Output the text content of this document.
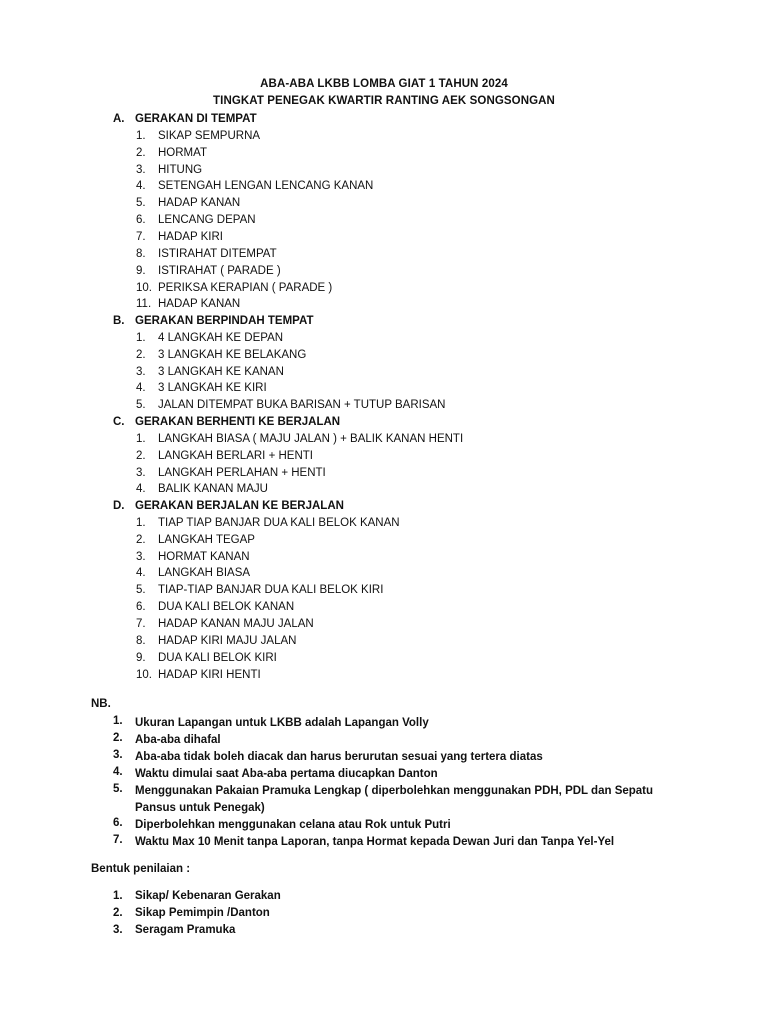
ABA-ABA LKBB LOMBA GIAT 1 TAHUN 2024
TINGKAT PENEGAK KWARTIR RANTING AEK SONGSONGAN
A. GERAKAN DI TEMPAT
1. SIKAP SEMPURNA
2. HORMAT
3. HITUNG
4. SETENGAH LENGAN LENCANG KANAN
5. HADAP KANAN
6. LENCANG DEPAN
7. HADAP KIRI
8. ISTIRAHAT DITEMPAT
9. ISTIRAHAT ( PARADE )
10. PERIKSA KERAPIAN ( PARADE )
11. HADAP KANAN
B. GERAKAN BERPINDAH TEMPAT
1. 4 LANGKAH KE DEPAN
2. 3 LANGKAH KE BELAKANG
3. 3 LANGKAH KE KANAN
4. 3 LANGKAH KE KIRI
5. JALAN DITEMPAT BUKA BARISAN + TUTUP BARISAN
C. GERAKAN BERHENTI KE BERJALAN
1. LANGKAH BIASA ( MAJU JALAN ) + BALIK KANAN HENTI
2. LANGKAH BERLARI + HENTI
3. LANGKAH PERLAHAN + HENTI
4. BALIK KANAN MAJU
D. GERAKAN BERJALAN KE BERJALAN
1. TIAP TIAP BANJAR DUA KALI BELOK KANAN
2. LANGKAH TEGAP
3. HORMAT KANAN
4. LANGKAH BIASA
5. TIAP-TIAP BANJAR DUA KALI BELOK KIRI
6. DUA KALI BELOK KANAN
7. HADAP KANAN MAJU JALAN
8. HADAP KIRI MAJU JALAN
9. DUA KALI BELOK KIRI
10. HADAP KIRI HENTI
NB.
1. Ukuran Lapangan untuk LKBB adalah Lapangan Volly
2. Aba-aba dihafal
3. Aba-aba tidak boleh diacak dan harus berurutan sesuai yang tertera diatas
4. Waktu dimulai saat Aba-aba pertama diucapkan Danton
5. Menggunakan Pakaian Pramuka Lengkap ( diperbolehkan menggunakan PDH, PDL dan Sepatu Pansus untuk Penegak)
6. Diperbolehkan menggunakan celana atau Rok untuk Putri
7. Waktu Max 10 Menit tanpa Laporan, tanpa Hormat kepada Dewan Juri dan Tanpa Yel-Yel
Bentuk penilaian :
1. Sikap/ Kebenaran Gerakan
2. Sikap Pemimpin /Danton
3. Seragam Pramuka
